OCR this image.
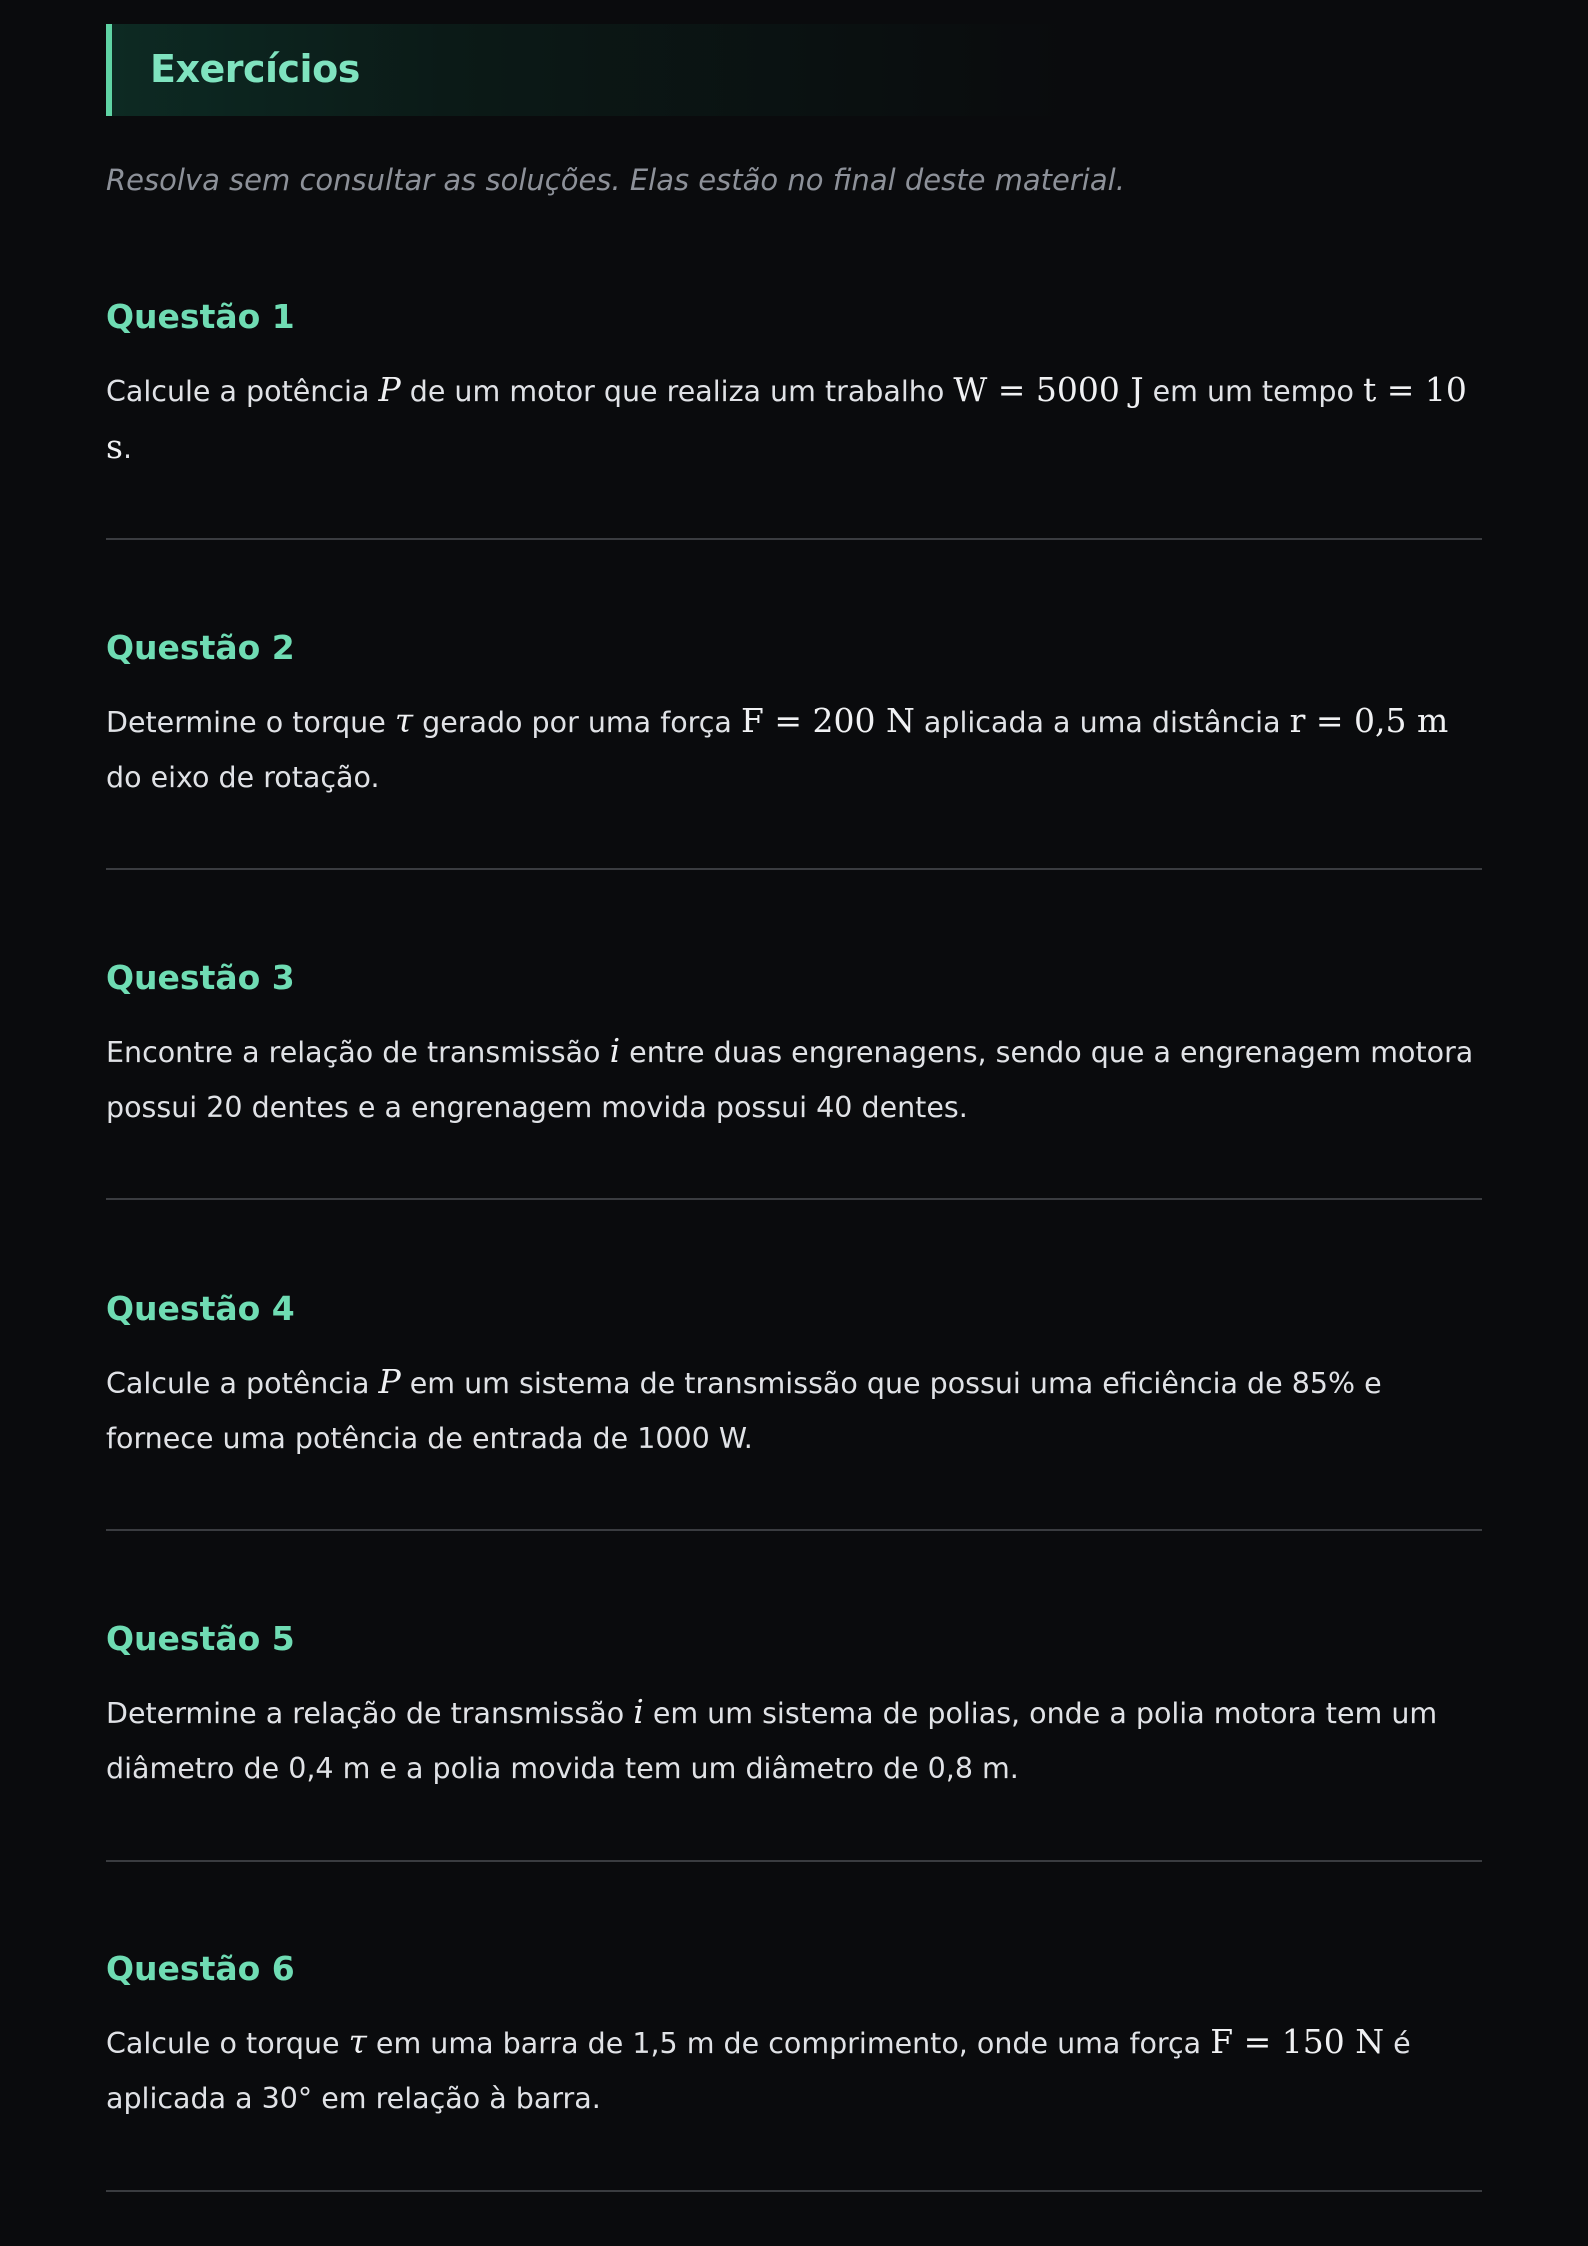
Exercícios

Resolva sem consultar as soluções. Elas estão no final deste material.

Questão 1

Calcule a potência P de um motor que realiza um trabalho W = 5000 J em um tempo t = 10 s.

Questão 2

Determine o torque τ gerado por uma força F = 200 N aplicada a uma distância r = 0,5 m do eixo de rotação.

Questão 3

Encontre a relação de transmissão i entre duas engrenagens, sendo que a engrenagem motora possui 20 dentes e a engrenagem movida possui 40 dentes.

Questão 4

Calcule a potência P em um sistema de transmissão que possui uma eficiência de 85% e fornece uma potência de entrada de 1000 W.

Questão 5

Determine a relação de transmissão i em um sistema de polias, onde a polia motora tem um diâmetro de 0,4 m e a polia movida tem um diâmetro de 0,8 m.

Questão 6

Calcule o torque τ em uma barra de 1,5 m de comprimento, onde uma força F = 150 N é aplicada a 30° em relação à barra.
